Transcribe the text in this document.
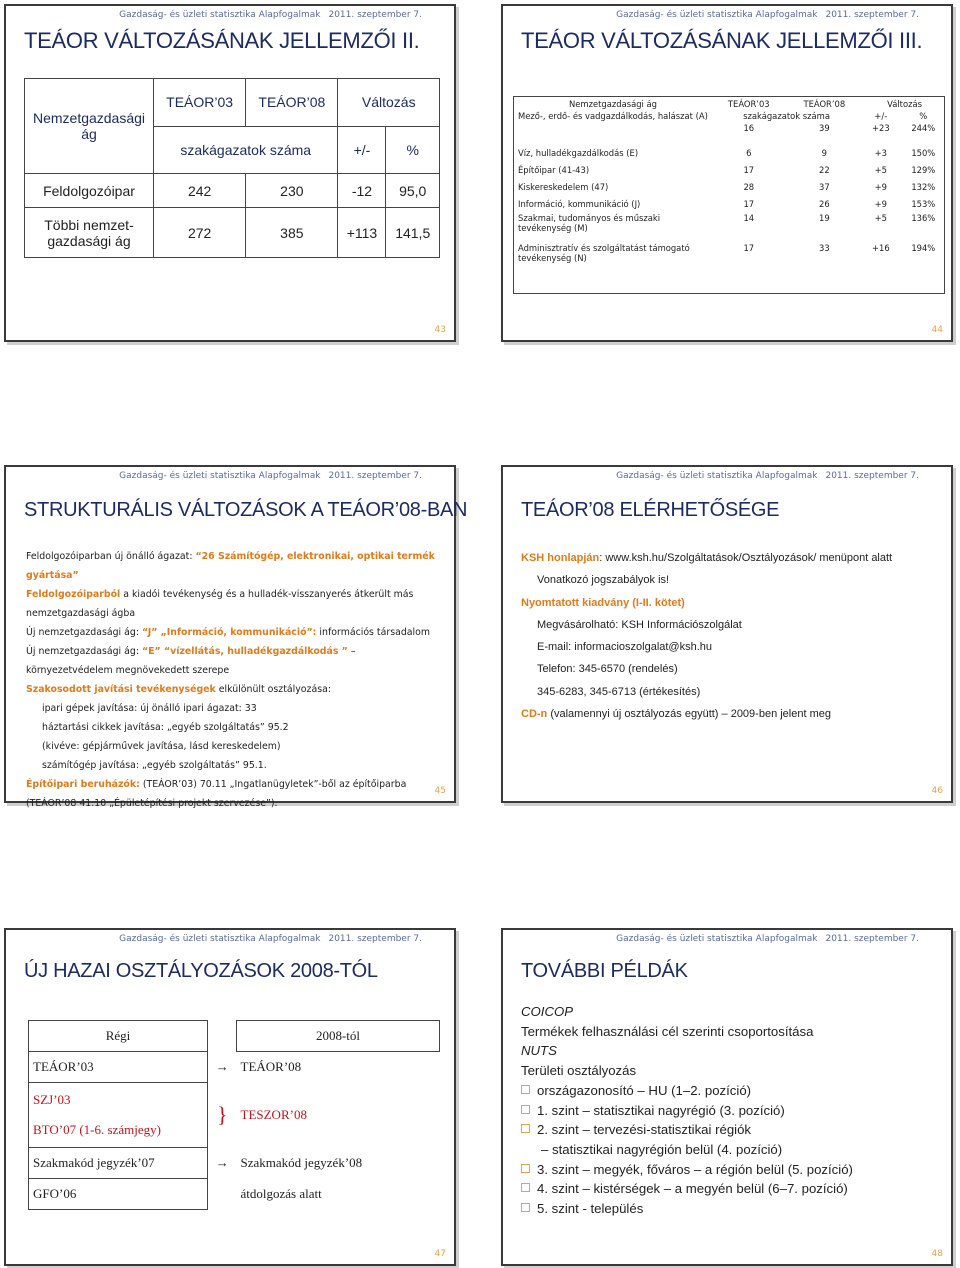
Gazdaság- és üzleti statisztika Alapfogalmak 2011. szeptember 7.
TEÁOR VÁLTOZÁSÁNAK JELLEMZŐI II.
Nemzetgazdasági
ág	TEÁOR’03	TEÁOR’08	Változás	
	szakágazatok száma		+/-	%
Feldolgozóipar	242	230	-12	95,0
Többi nemzet-gazdasági ág	272	385	+113	141,5
43
Gazdaság- és üzleti statisztika Alapfogalmak 2011. szeptember 7.
TEÁOR VÁLTOZÁSÁNAK JELLEMZŐI III.
Nemzetgazdasági ág	TEÁOR’03	TEÁOR’08	Változás	
Mező-, erdő- és vadgazdálkodás, halászat (A)	szakágazatok száma		+/-	%
	16	39	+23	244%
Víz, hulladékgazdálkodás (E)	6	9	+3	150%
Építőipar (41-43)	17	22	+5	129%
Kiskereskedelem (47)	28	37	+9	132%
Információ, kommunikáció (J)	17	26	+9	153%
Szakmai, tudományos és műszaki tevékenység (M)	14	19	+5	136%
Adminisztratív és szolgáltatást támogató tevékenység (N)	17	33	+16	194%
44
Gazdaság- és üzleti statisztika Alapfogalmak 2011. szeptember 7.
STRUKTURÁLIS VÁLTOZÁSOK A TEÁOR’08-BAN

Feldolgozóiparban új önálló ágazat: “26 Számítógép, elektronikai, optikai termék gyártása”

Feldolgozóiparból a kiadói tevékenység és a hulladék-visszanyerés átkerült más nemzetgazdasági ágba

Új nemzetgazdasági ág: “J” „Információ, kommunikáció”: információs társadalom

Új nemzetgazdasági ág: “E” “vízellátás, hulladékgazdálkodás ” – környezetvédelem megnövekedett szerepe

Szakosodott javítási tevékenységek elkülönült osztályozása:

ipari gépek javítása: új önálló ipari ágazat: 33

háztartási cikkek javítása: „egyéb szolgáltatás” 95.2

(kivéve: gépjárművek javítása, lásd kereskedelem)

számítógép javítása: „egyéb szolgáltatás” 95.1.

Építőipari beruházók: (TEÁOR’03) 70.11 „Ingatlanügyletek”-ből az építőiparba (TEÁOR’08 41.10 „Épületépítési projekt szervezése”).

45
Gazdaság- és üzleti statisztika Alapfogalmak 2011. szeptember 7.
TEÁOR’08 ELÉRHETŐSÉGE

KSH honlapján: www.ksh.hu/Szolgáltatások/Osztályozások/ menüpont alatt

Vonatkozó jogszabályok is!

Nyomtatott kiadvány (I-II. kötet)

Megvásárolható: KSH Információszolgálat

E-mail: informacioszolgalat@ksh.hu

Telefon: 345-6570 (rendelés)

345-6283, 345-6713 (értékesítés)

CD-n (valamennyi új osztályozás együtt) – 2009-ben jelent meg

46
Gazdaság- és üzleti statisztika Alapfogalmak 2011. szeptember 7.
ÚJ HAZAI OSZTÁLYOZÁSOK 2008-TÓL
Régi		2008-tól
TEÁOR’03	→	TEÁOR’08

SZJ’03
BTO’07 (1-6. számjegy)	}	TESZOR’08
Szakmakód jegyzék’07	→	Szakmakód jegyzék’08
GFO’06		átdolgozás alatt
47
Gazdaság- és üzleti statisztika Alapfogalmak 2011. szeptember 7.
TOVÁBBI PÉLDÁK

COICOP

Termékek felhasználási cél szerinti csoportosítása

NUTS

Területi osztályozás

országazonosító – HU (1–2. pozíció)

1. szint – statisztikai nagyrégió (3. pozíció)

2. szint – tervezési-statisztikai régiók

– statisztikai nagyrégión belül (4. pozíció)

3. szint – megyék, főváros – a régión belül (5. pozíció)

4. szint – kistérségek – a megyén belül (6–7. pozíció)

5. szint - település

48
